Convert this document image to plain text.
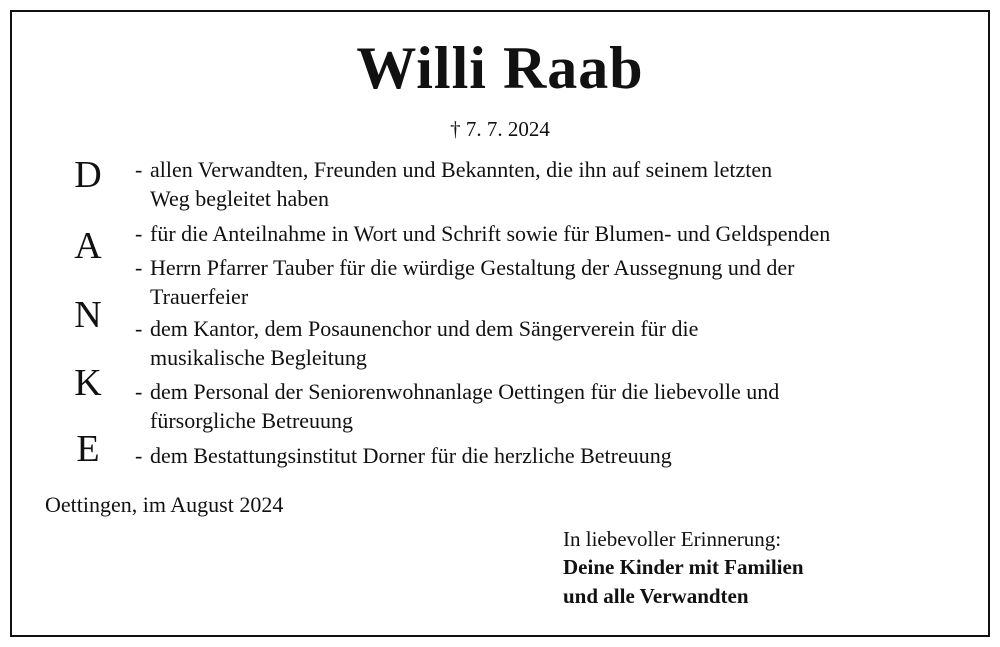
Willi Raab
† 7. 7. 2024
D
A
N
K
E
- allen Verwandten, Freunden und Bekannten, die ihn auf seinem letzten
Weg begleitet haben
- für die Anteilnahme in Wort und Schrift sowie für Blumen- und Geldspenden
- Herrn Pfarrer Tauber für die würdige Gestaltung der Aussegnung und der
Trauerfeier
- dem Kantor, dem Posaunenchor und dem Sängerverein für die
musikalische Begleitung
- dem Personal der Seniorenwohnanlage Oettingen für die liebevolle und
fürsorgliche Betreuung
- dem Bestattungsinstitut Dorner für die herzliche Betreuung
Oettingen, im August 2024
In liebevoller Erinnerung:
Deine Kinder mit Familien
und alle Verwandten
